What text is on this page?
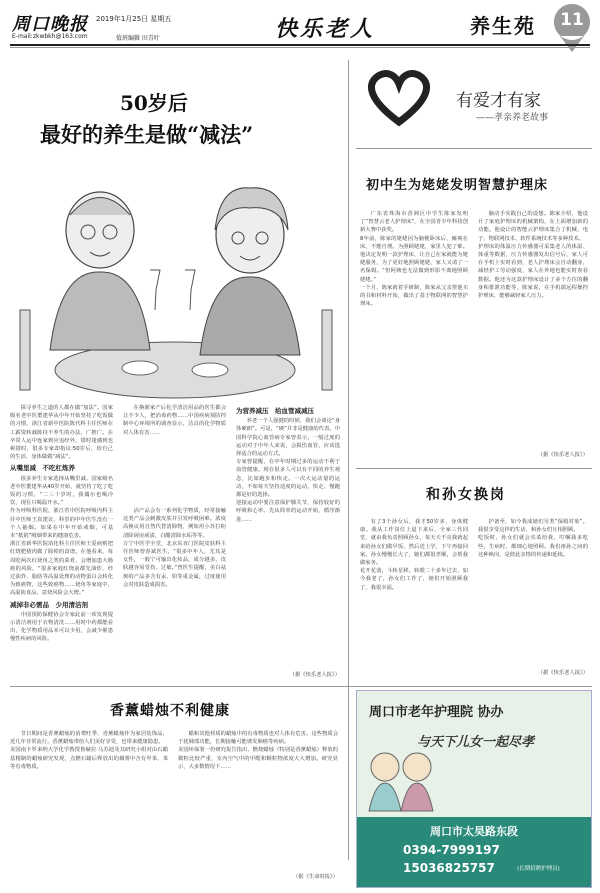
周口晚报 2019年1月25日 星期五
E-mail:zkwbkh@163.com	值班编辑 田青叶	快乐老人	养生苑	11
50岁后
最好的养生是做“减法”

探寻养生之道的人都在做“加法”。国家级名老中医董建华从中年开始坚持了吃饭做的习惯，浙江省新中医院陈代科主任医师在工薪资转载陈持不养生的办法，广推广。在卒常人运中连家到应追经外，错时逢感到也顿错时，很多专家却指议:50岁后，给自己的生活、身体做做“减法”。

从嘴里减　不吃杠炼养

很多养生专家选择从嘴里减。国家级名老中医董建华从40岁开始，就坚持了吃了吃饭的习惯，“二三十岁时，我偶尔也喝冷饮，现在只喝温开水。”
作为呼吸科医院，浙江省中医院呼吸内科主任中医师王真建议，科里的中年医生没有一个人抽烟。如果在中年开始戒烟，可基本“抵销”吸烟带来的健康危害。
浙江省新华医院消化科主任医师王爱病则把红烧肥猪肉做了除掉的食谱。在他看来，每周吃两次红烧鱼之类的菜肴，会增加患大肠癌的风险。“很多家庭红烧前都先油炸，经过油炸，脂肪等高温处理的动物蛋白会转化为致癌物，这些致癌物……烧鱼等家庭中，高温防食品，意烧风险会大增。”

减掉非必需品　少用清洁剂

中国预防保健协会专家此前一项发现提示清洁剂用于衣物清洗……用时中药都能看出，化学物质用品本可以少用，会减少罹患慢性疾病的风险。

在换新家产后化学清洁用品的医生都会让不少人，把消毒药物……中国疾病预防控制中心环境所的调查显示，洁具的化学物质对人体有害……

活产品会有一系列化学物质，经常接触这类产品会刺激皮肤并引发呼吸困难。浓度高换议用自然代替清除物，例如用小苏打粉清除厨房顽渍、白醋清除水垢等等。
万宁中医学全堂，北京东直门医院皮肤科主任医师曾春斌医生，“很多中年人，尤其是女性，一般宁可输出化妆品，成分越多，皮肤越容易受伤、过敏。”曾医生提醒，美白祛斑的产品多含有汞、铅等重金属，过度使用会对皮肤造成损害。

为营养减压　给血管减减压

养老一个人强健的时候，我们会谈论“身体硬朗”。可是，“硬”并非是健康的代表。中国科学院心血管病专家曾表示，一般过度的运动对于中年人来说，会损伤血管，应该选择适合的运动方式。
专家曾提醒，在中年时期过多的运动不利于血管健康。现在很多人可以有不同的养生观念，比如跑步和快走。一次大运动量的运动，不如每天坚持适度的运动，快走、慢跑都是好的选择。
迎接运动中要注意保护膝关节，保持较好的呼吸和心率。先从简单的运动开始，循序渐进……

（据《快乐老人报》）
有爱才有家
——孝亲养老故事
初中生为姥姥发明智慧护理床
广东省珠海市香洲区中学生陈家发明了“智慧云老人护理床”，在全国青少年科技创新大赛中获奖。
8年前，陈家的姥姥因为脑梗卧床后，瘫痪在床，不能自理。为照顾姥姥，家里人犯了难。他决定发明一款护理床，让自己在家就能为姥姥服务，为了更好地照顾姥姥，家人又请了一名保姆。“但阿姨也无法做到形影不离地照顾姥姥。”
一个月，陈家就着手研制，陈家从父亲帮他买的书和材料开始，做出了基于物联网的智慧护理床。
脑动手实践自己的设想。陈家介绍，他设计了家庭护理床的机械架构，在上面增加新的功能。他设计的智能云护理床集合了机械、电子、物联网技术、软件系统技术等多种技术。
护理床的体温压力传感器可采集老人的体温、体重等数据，压力传感器发出信号后，家人可在手机上实时看到，老人护理床会自动翻身，减轻护工劳动强度，家人在外地也能实时查看数据。他还为这款护理床设计了多个方位的翻身和排泄功能等，陈家说，在手机端远程操控护理床，能够减轻家人压力。
（据《快乐老人报》）
和孙女换岗
有了3个孙女后，我才50岁多，身体健康。我从工作岗位上退下来后，全家三代同堂，就由我负责照顾孙女。每天天不亮我就起来给孙女们做早饭，然后送上学，下午再接回家。孙女慢慢长大了，她们都很孝顺，会帮我做家务。
花开花落，斗转星移。转眼二十多年过去，如今我老了，孙女们工作了，她们开始照顾我了，我很幸福。
护备至，如今我成她们另类“保姆对象”。我很享受这样的生活，和孙女们互相照顾。
吃饭时，孙女们就会夹菜给我，叮嘱我多吃些，生病时，都细心地照顾。我们祖孙之间的这种换岗，是彼此亲情的传递和延续。
（据《快乐老人报》）
香薰蜡烛不利健康
节日期间是香薰蜡烛的消费旺季，香薰蜡烛作为家居装饰品，近几年非常流行。香薰蜡烛带给人们美好享受，也带来健康隐患。
美国南卡罗来纳大学化学教授鲁赫拉·马苏迪及其研究小组对由石蜡基精制的蜡烛研究发现，点燃石蜡后释放出的烟雾中含有甲苯、苯等有毒物质。
蜡和其他材质的蜡烛中的有毒物质也对人体有危害。这些物质会干扰肺部功能，长期接触可能诱发肺癌等疾病。
美国环保署一份研究报告指出，燃烧蜡烛（特别是香薰蜡烛）释放的微粒比较严重，室内空气中的甲醛和颗粒物浓度大大增加。研究显示，大多数情况下……
（据《生命时报》）
周口市老年护理院 协办
与天下儿女一起尽孝
周口市太昊路东段
0394-7999197
15036825757	(长期招聘护理员)
